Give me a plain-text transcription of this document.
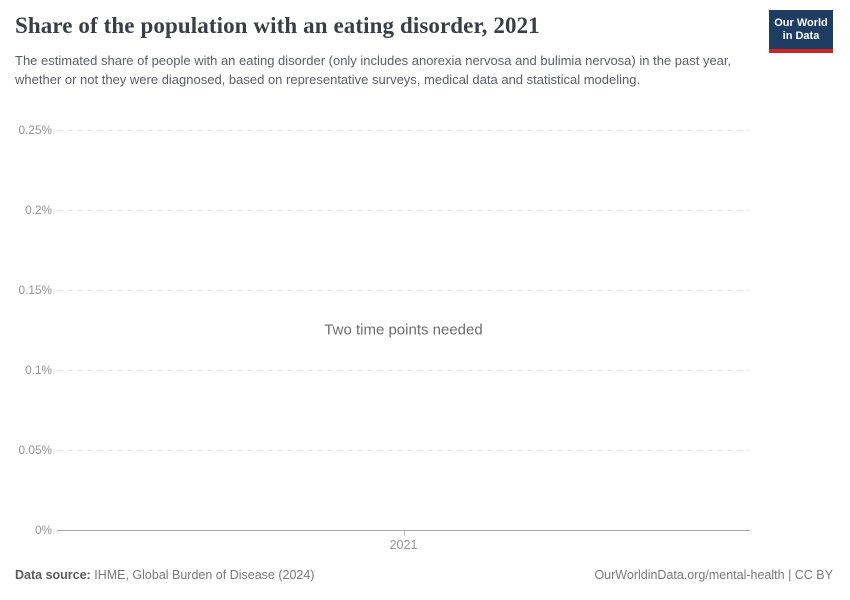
Share of the population with an eating disorder, 2021	Our World
in Data

The estimated share of people with an eating disorder (only includes anorexia nervosa and bulimia nervosa) in the past year, whether or not they were diagnosed, based on representative surveys, medical data and statistical modeling.

Two time points needed
0%
0.05%
0.1%
0.15%
0.2%
0.25%
2021
Data source: IHME, Global Burden of Disease (2024)	OurWorldinData.org/mental-health | CC BY
